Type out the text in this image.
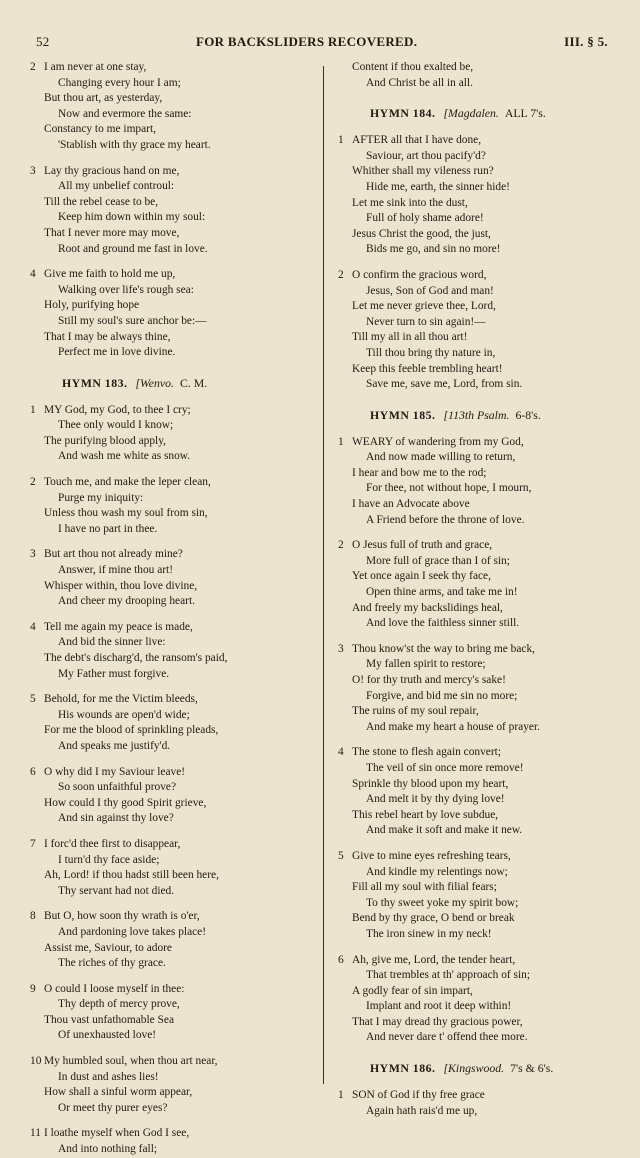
52	FOR BACKSLIDERS RECOVERED.	III. § 5.
2 I am never at one stay,
Changing every hour I am;
But thou art, as yesterday,
Now and evermore the same:
Constancy to me impart,
'Stablish with thy grace my heart.
3 Lay thy gracious hand on me,
All my unbelief controul:
Till the rebel cease to be,
Keep him down within my soul:
That I never more may move,
Root and ground me fast in love.
4 Give me faith to hold me up,
Walking over life's rough sea:
Holy, purifying hope
Still my soul's sure anchor be:—
That I may be always thine,
Perfect me in love divine.
HYMN 183. [Wenvo. C. M.
1 MY God, my God, to thee I cry;
Thee only would I know;
The purifying blood apply,
And wash me white as snow.
2 Touch me, and make the leper clean,
Purge my iniquity:
Unless thou wash my soul from sin,
I have no part in thee.
3 But art thou not already mine?
Answer, if mine thou art!
Whisper within, thou love divine,
And cheer my drooping heart.
4 Tell me again my peace is made,
And bid the sinner live:
The debt's discharg'd, the ransom's paid,
My Father must forgive.
5 Behold, for me the Victim bleeds,
His wounds are open'd wide;
For me the blood of sprinkling pleads,
And speaks me justify'd.
6 O why did I my Saviour leave!
So soon unfaithful prove?
How could I thy good Spirit grieve,
And sin against thy love?
7 I forc'd thee first to disappear,
I turn'd thy face aside;
Ah, Lord! if thou hadst still been here,
Thy servant had not died.
8 But O, how soon thy wrath is o'er,
And pardoning love takes place!
Assist me, Saviour, to adore
The riches of thy grace.
9 O could I loose myself in thee:
Thy depth of mercy prove,
Thou vast unfathomable Sea
Of unexhausted love!
10 My humbled soul, when thou art near,
In dust and ashes lies!
How shall a sinful worm appear,
Or meet thy purer eyes?
11 I loathe myself when God I see,
And into nothing fall;
Content if thou exalted be,
And Christ be all in all.
HYMN 184. [Magdalen. ALL 7's.
1 AFTER all that I have done,
Saviour, art thou pacify'd?
Whither shall my vileness run?
Hide me, earth, the sinner hide!
Let me sink into the dust,
Full of holy shame adore!
Jesus Christ the good, the just,
Bids me go, and sin no more!
2 O confirm the gracious word,
Jesus, Son of God and man!
Let me never grieve thee, Lord,
Never turn to sin again!—
Till my all in all thou art!
Till thou bring thy nature in,
Keep this feeble trembling heart!
Save me, save me, Lord, from sin.
HYMN 185. [113th Psalm. 6-8's.
1 WEARY of wandering from my God,
And now made willing to return,
I hear and bow me to the rod;
For thee, not without hope, I mourn,
I have an Advocate above
A Friend before the throne of love.
2 O Jesus full of truth and grace,
More full of grace than I of sin;
Yet once again I seek thy face,
Open thine arms, and take me in!
And freely my backslidings heal,
And love the faithless sinner still.
3 Thou know'st the way to bring me back,
My fallen spirit to restore;
O! for thy truth and mercy's sake!
Forgive, and bid me sin no more;
The ruins of my soul repair,
And make my heart a house of prayer.
4 The stone to flesh again convert;
The veil of sin once more remove!
Sprinkle thy blood upon my heart,
And melt it by thy dying love!
This rebel heart by love subdue,
And make it soft and make it new.
5 Give to mine eyes refreshing tears,
And kindle my relentings now;
Fill all my soul with filial fears;
To thy sweet yoke my spirit bow;
Bend by thy grace, O bend or break
The iron sinew in my neck!
6 Ah, give me, Lord, the tender heart,
That trembles at th' approach of sin;
A godly fear of sin impart,
Implant and root it deep within!
That I may dread thy gracious power,
And never dare t' offend thee more.
HYMN 186. [Kingswood. 7's & 6's.
1 SON of God if thy free grace
Again hath rais'd me up,
